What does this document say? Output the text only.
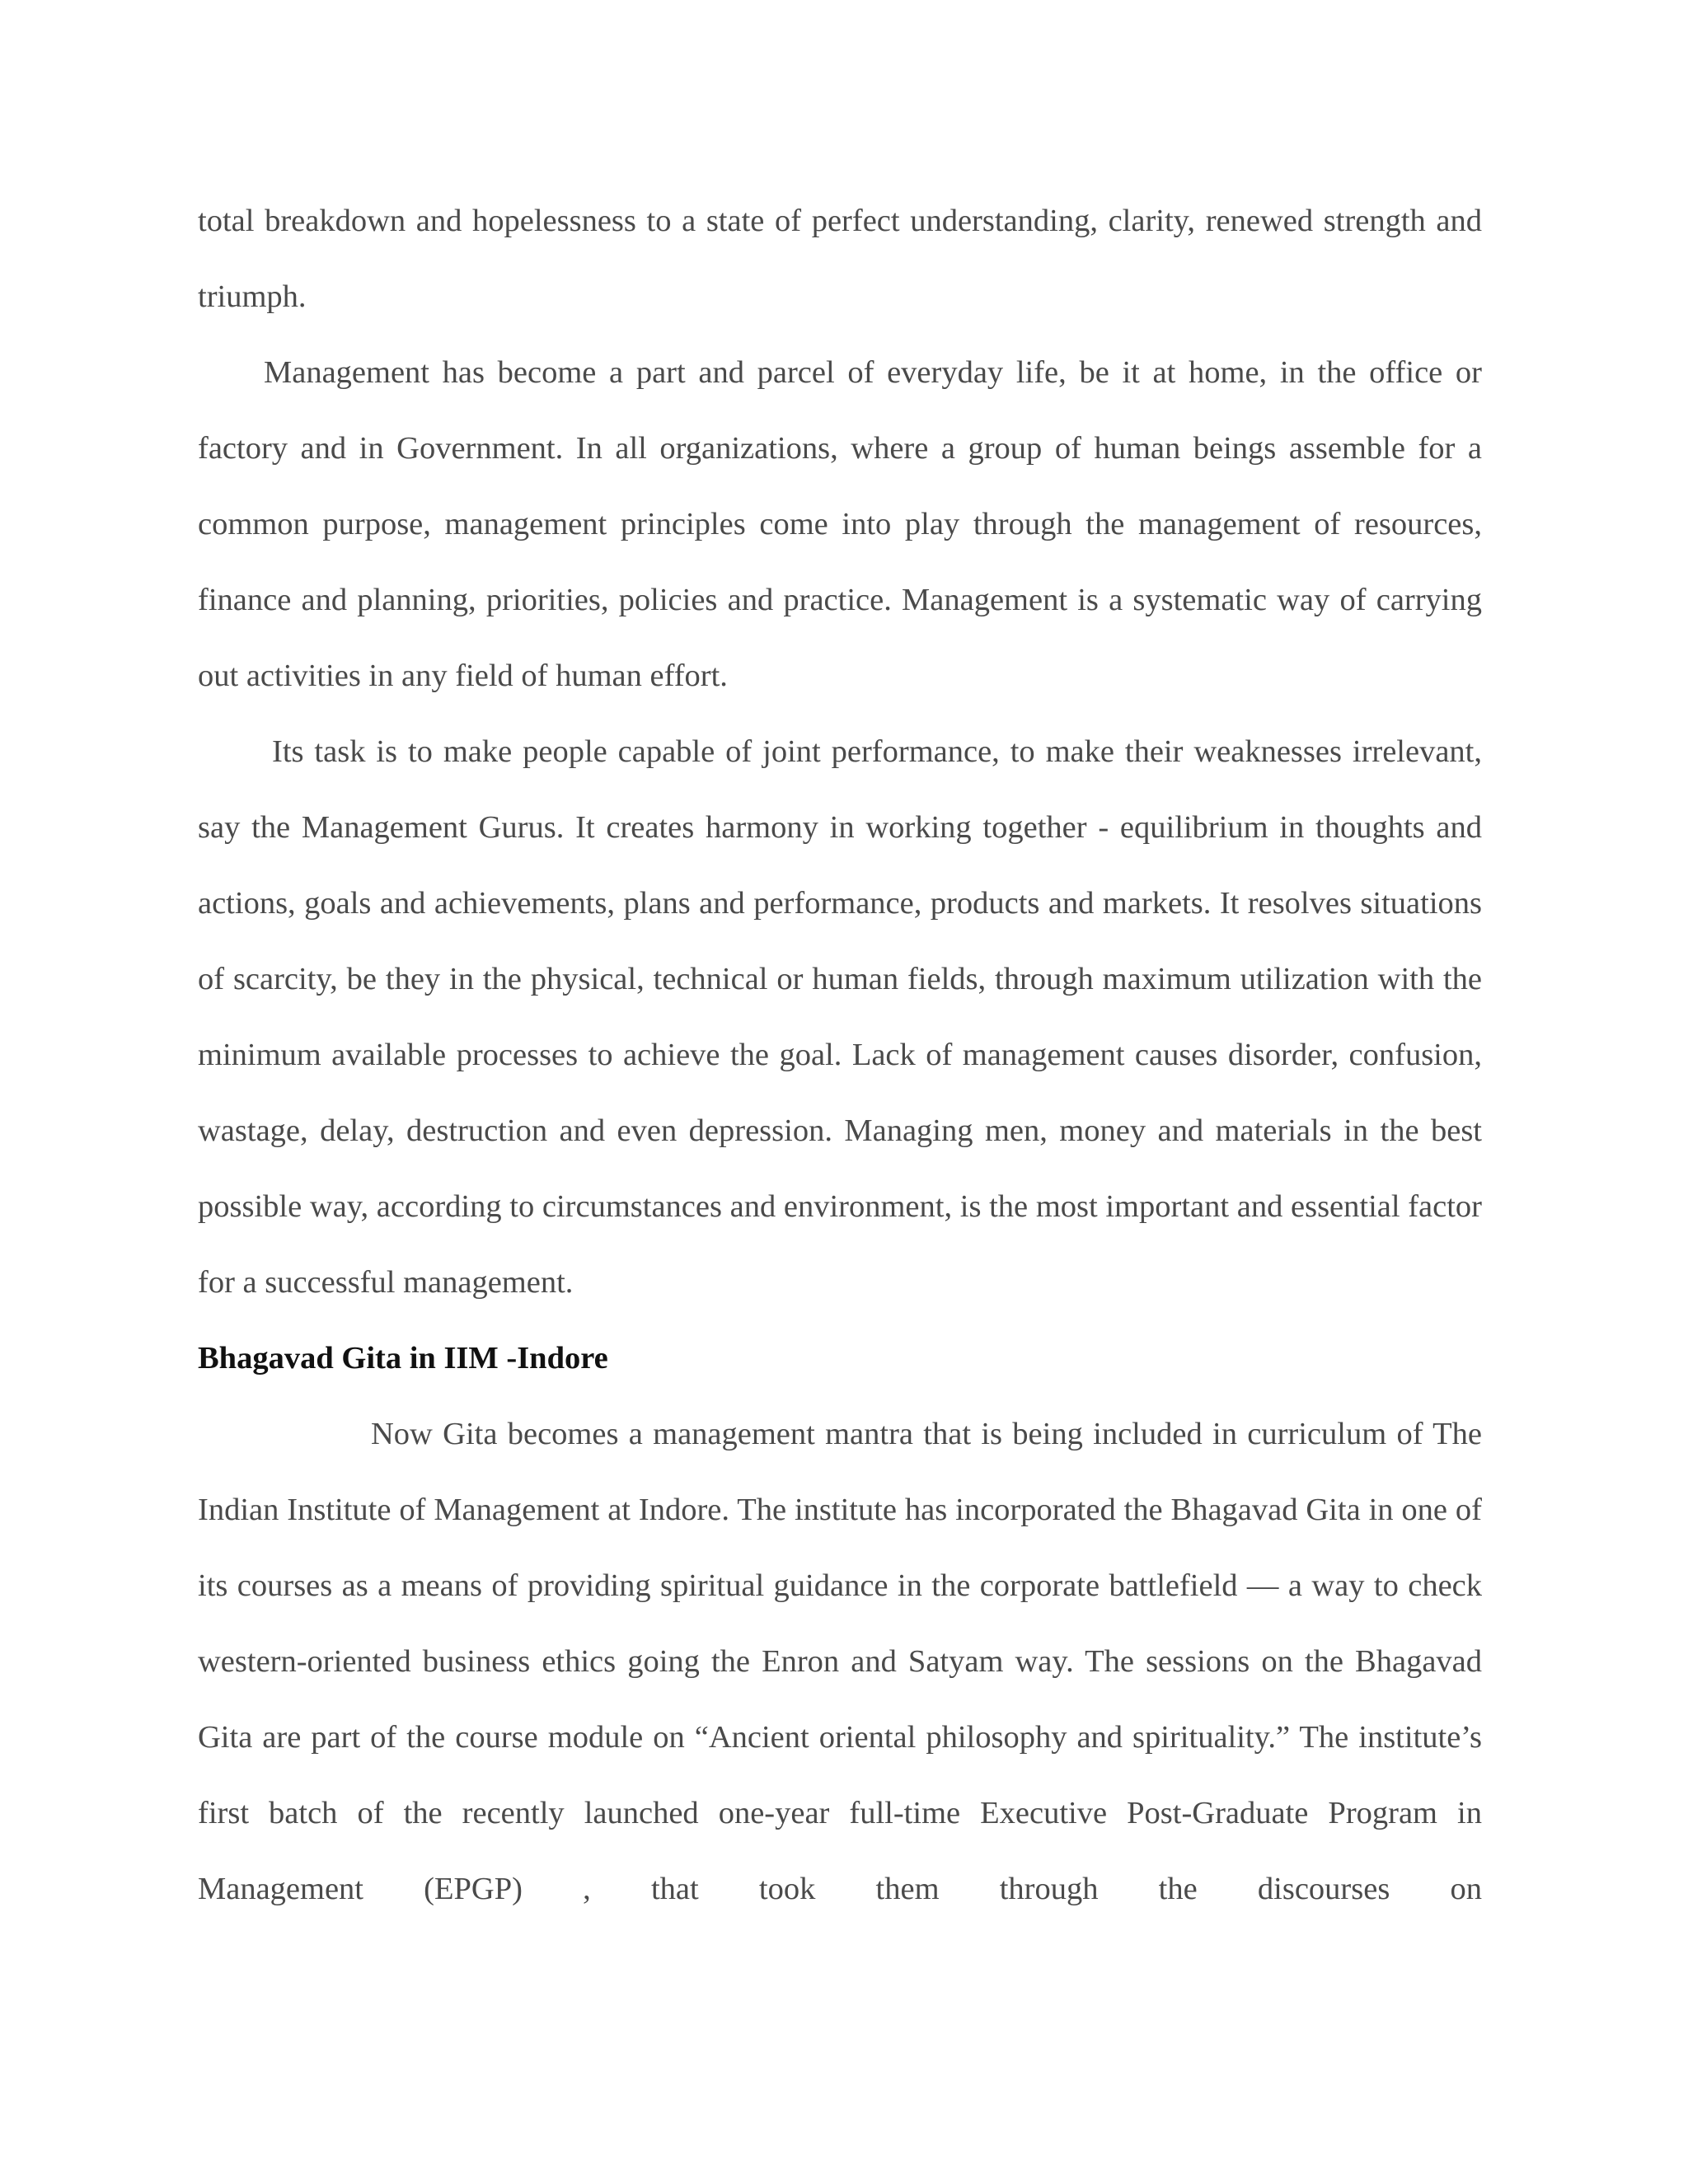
total breakdown and hopelessness to a state of perfect understanding, clarity, renewed strength and triumph.

Management has become a part and parcel of everyday life, be it at home, in the office or factory and in Government. In all organizations, where a group of human beings assemble for a common purpose, management principles come into play through the management of resources, finance and planning, priorities, policies and practice. Management is a systematic way of carrying out activities in any field of human effort.

Its task is to make people capable of joint performance, to make their weaknesses irrelevant, say the Management Gurus. It creates harmony in working together - equilibrium in thoughts and actions, goals and achievements, plans and performance, products and markets. It resolves situations of scarcity, be they in the physical, technical or human fields, through maximum utilization with the minimum available processes to achieve the goal. Lack of management causes disorder, confusion, wastage, delay, destruction and even depression. Managing men, money and materials in the best possible way, according to circumstances and environment, is the most important and essential factor for a successful management.

Bhagavad Gita in IIM -Indore

Now Gita becomes a management mantra that is being included in curriculum of The Indian Institute of Management at Indore. The institute has incorporated the Bhagavad Gita in one of its courses as a means of providing spiritual guidance in the corporate battlefield — a way to check western-oriented business ethics going the Enron and Satyam way. The sessions on the Bhagavad Gita are part of the course module on “Ancient oriental philosophy and spirituality.” The institute’s first batch of the recently launched one-year full-time Executive Post-Graduate Program in Management (EPGP) , that took them through the discourses on
